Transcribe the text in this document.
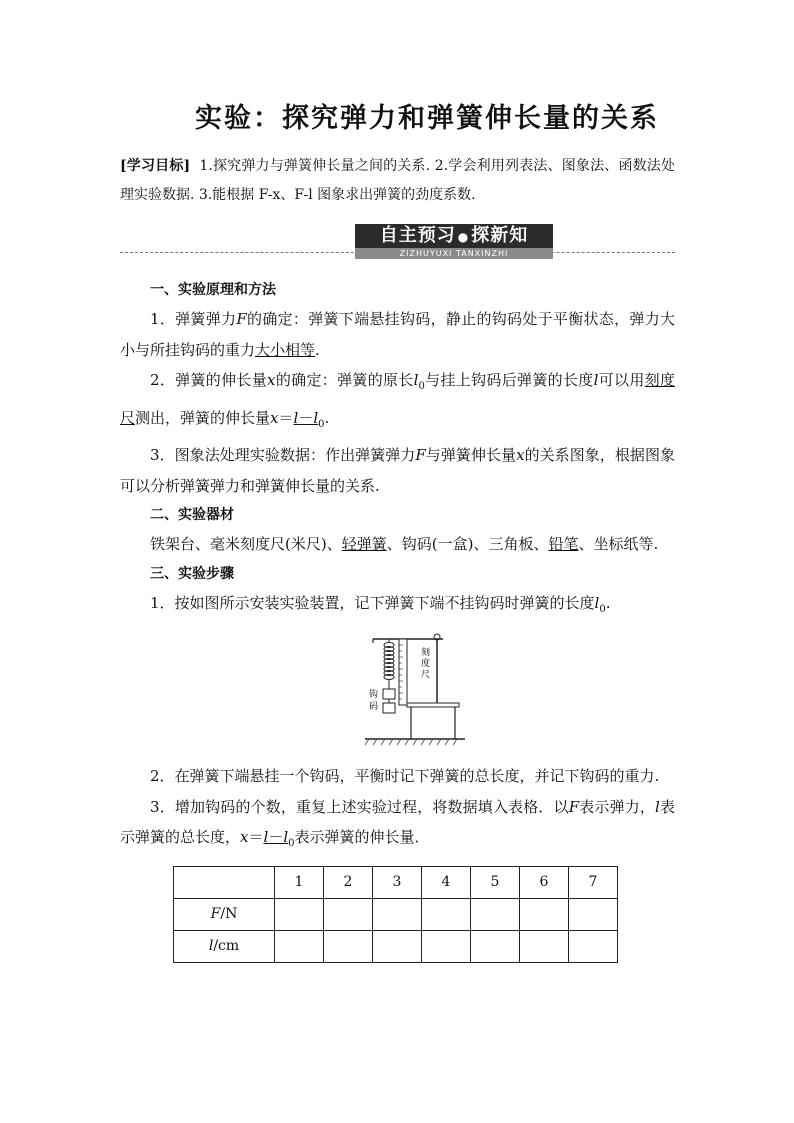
实验：探究弹力和弹簧伸长量的关系
[学习目标] 1.探究弹力与弹簧伸长量之间的关系. 2.学会利用列表法、图象法、函数法处理实验数据. 3.能根据 F-x、F-l 图象求出弹簧的劲度系数.
自主预习 ● 探新知
ZIZHUYUXI TANXINZHI

一、实验原理和方法

1．弹簧弹力F的确定：弹簧下端悬挂钩码，静止的钩码处于平衡状态，弹力大小与所挂钩码的重力大小相等.

2．弹簧的伸长量x的确定：弹簧的原长$l_0$与挂上钩码后弹簧的长度l可以用刻度尺测出，弹簧的伸长量$x=l-l_0$.

3．图象法处理实验数据：作出弹簧弹力F与弹簧伸长量x的关系图象，根据图象可以分析弹簧弹力和弹簧伸长量的关系.

二、实验器材

铁架台、毫米刻度尺(米尺)、轻弹簧、钩码(一盒)、三角板、铅笔、坐标纸等.

三、实验步骤

1．按如图所示安装实验装置，记下弹簧下端不挂钩码时弹簧的长度$l_0$.

刻
度
尺
钩
码

2．在弹簧下端悬挂一个钩码，平衡时记下弹簧的总长度，并记下钩码的重力.

3．增加钩码的个数，重复上述实验过程，将数据填入表格．以F表示弹力，l表示弹簧的总长度，$x=l-l_0$表示弹簧的伸长量．

	1	2	3	4	5	6	7
F/N							
l/cm							
